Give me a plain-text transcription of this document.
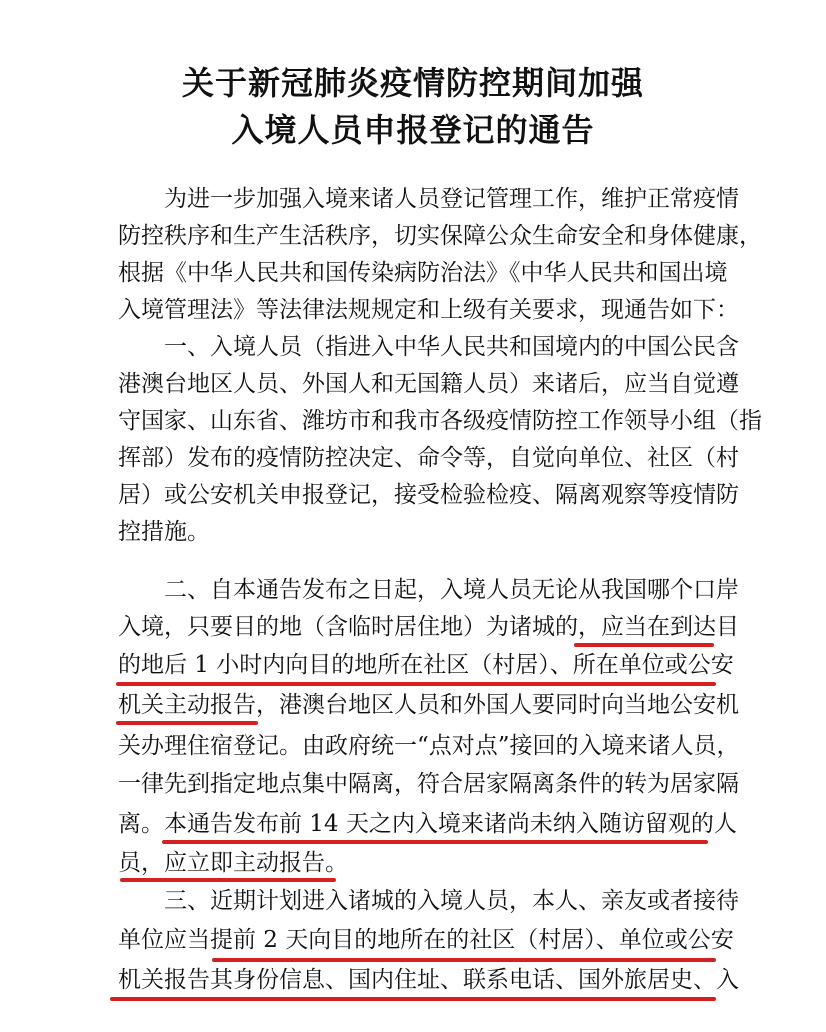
关于新冠肺炎疫情防控期间加强
入境人员申报登记的通告
　　为进一步加强入境来诸人员登记管理工作，维护正常疫情
防控秩序和生产生活秩序，切实保障公众生命安全和身体健康，
根据《中华人民共和国传染病防治法》《中华人民共和国出境
入境管理法》等法律法规规定和上级有关要求，现通告如下：
　　一、入境人员（指进入中华人民共和国境内的中国公民含
港澳台地区人员、外国人和无国籍人员）来诸后，应当自觉遵
守国家、山东省、潍坊市和我市各级疫情防控工作领导小组（指
挥部）发布的疫情防控决定、命令等，自觉向单位、社区（村
居）或公安机关申报登记，接受检验检疫、隔离观察等疫情防
控措施。
　　二、自本通告发布之日起，入境人员无论从我国哪个口岸
入境，只要目的地（含临时居住地）为诸城的，应当在到达目
的地后 1 小时内向目的地所在社区（村居）、所在单位或公安
机关主动报告，港澳台地区人员和外国人要同时向当地公安机
关办理住宿登记。由政府统一“点对点”接回的入境来诸人员，
一律先到指定地点集中隔离，符合居家隔离条件的转为居家隔
离。本通告发布前 14 天之内入境来诸尚未纳入随访留观的人
员，应立即主动报告。
　　三、近期计划进入诸城的入境人员，本人、亲友或者接待
单位应当提前 2 天向目的地所在的社区（村居）、单位或公安
机关报告其身份信息、国内住址、联系电话、国外旅居史、入
